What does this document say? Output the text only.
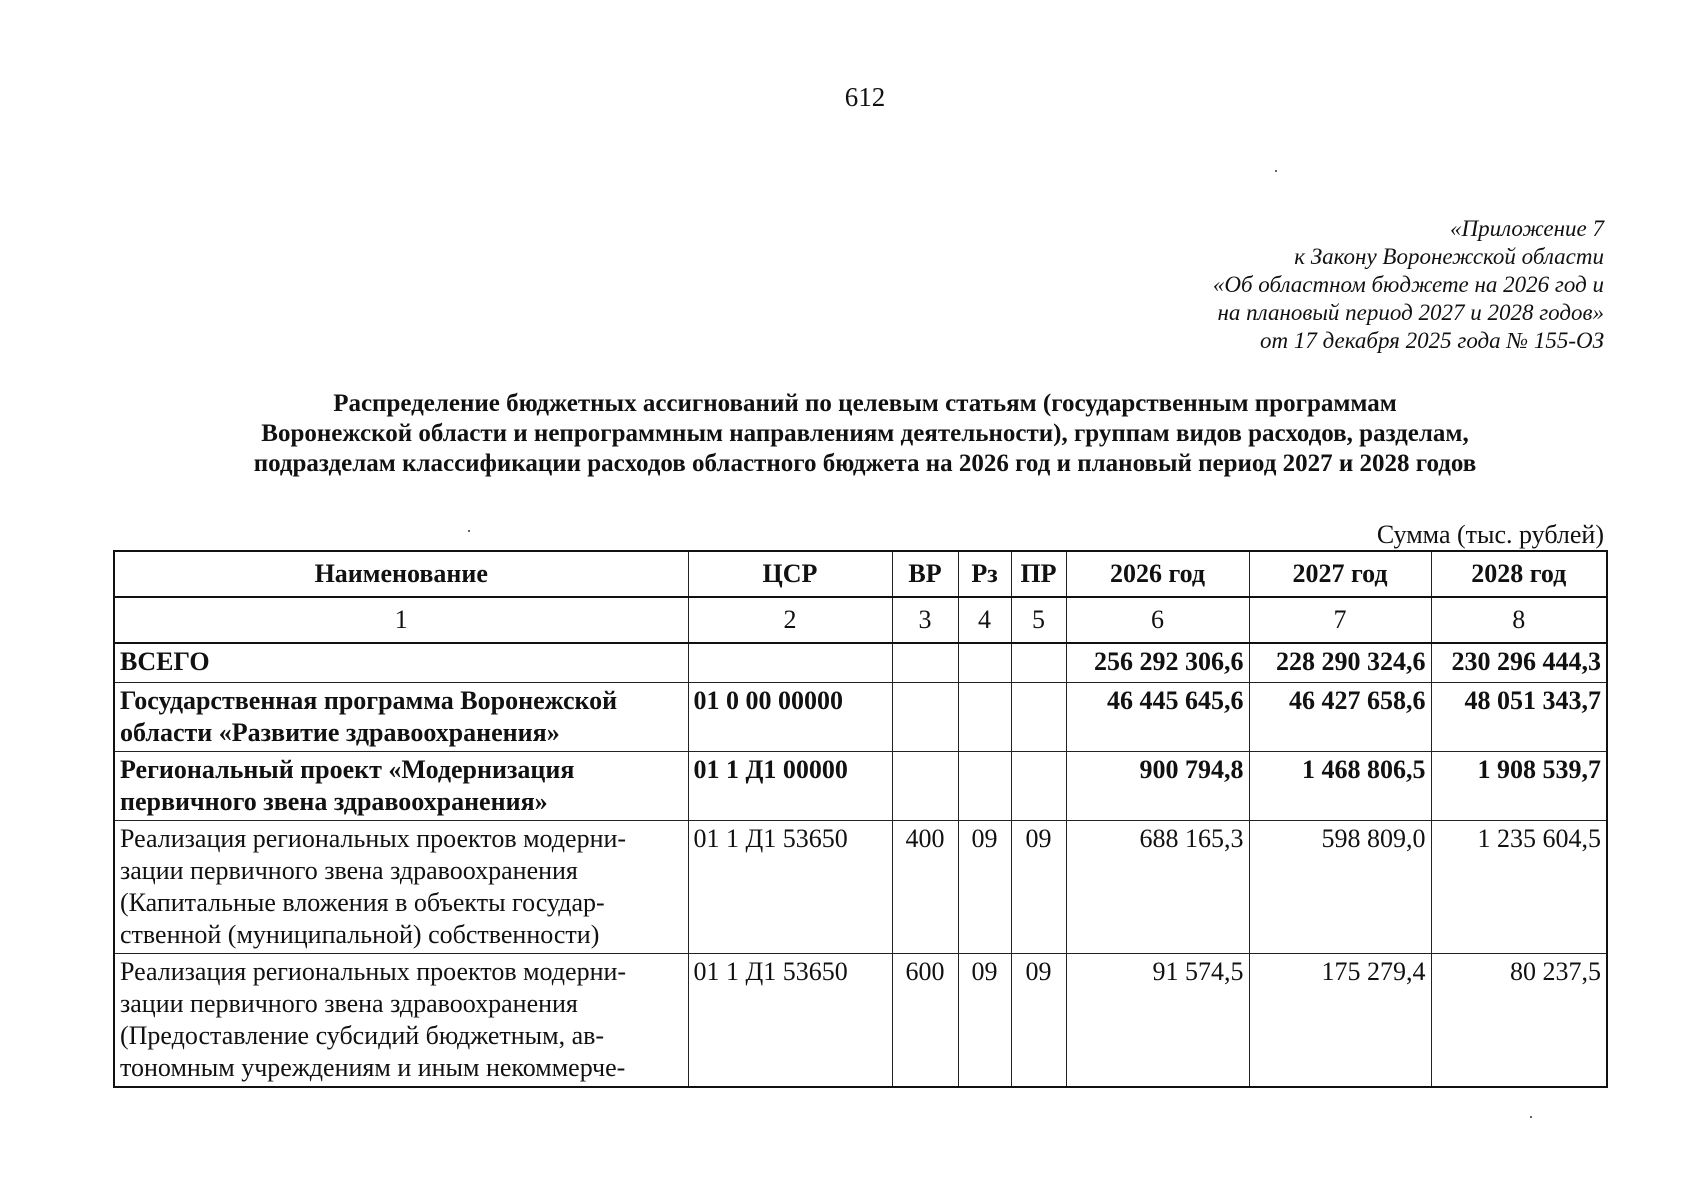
612
«Приложение 7
к Закону Воронежской области
«Об областном бюджете на 2026 год и
на плановый период 2027 и 2028 годов»
от 17 декабря 2025 года № 155-ОЗ
Распределение бюджетных ассигнований по целевым статьям (государственным программам
Воронежской области и непрограммным направлениям деятельности), группам видов расходов, разделам,
подразделам классификации расходов областного бюджета на 2026 год и плановый период 2027 и 2028 годов
Сумма (тыс. рублей)
Наименование	ЦСР	ВР	Рз	ПР	2026 год	2027 год	2028 год
1	2	3	4	5	6	7	8

ВСЕГО					256 292 306,6	228 290 324,6	230 296 444,3

Государственная программа Воронежской
области «Развитие здравоохранения»	01 0 00 00000				46 445 645,6	46 427 658,6	48 051 343,7

Региональный проект «Модернизация
первичного звена здравоохранения»	01 1 Д1 00000				900 794,8	1 468 806,5	1 908 539,7

Реализация региональных проектов модерни-
зации первичного звена здравоохранения
(Капитальные вложения в объекты государ-
ственной (муниципальной) собственности)	01 1 Д1 53650	400	09	09	688 165,3	598 809,0	1 235 604,5

Реализация региональных проектов модерни-
зации первичного звена здравоохранения
(Предоставление субсидий бюджетным, ав-
тономным учреждениям и иным некоммерче-	01 1 Д1 53650	600	09	09	91 574,5	175 279,4	80 237,5
